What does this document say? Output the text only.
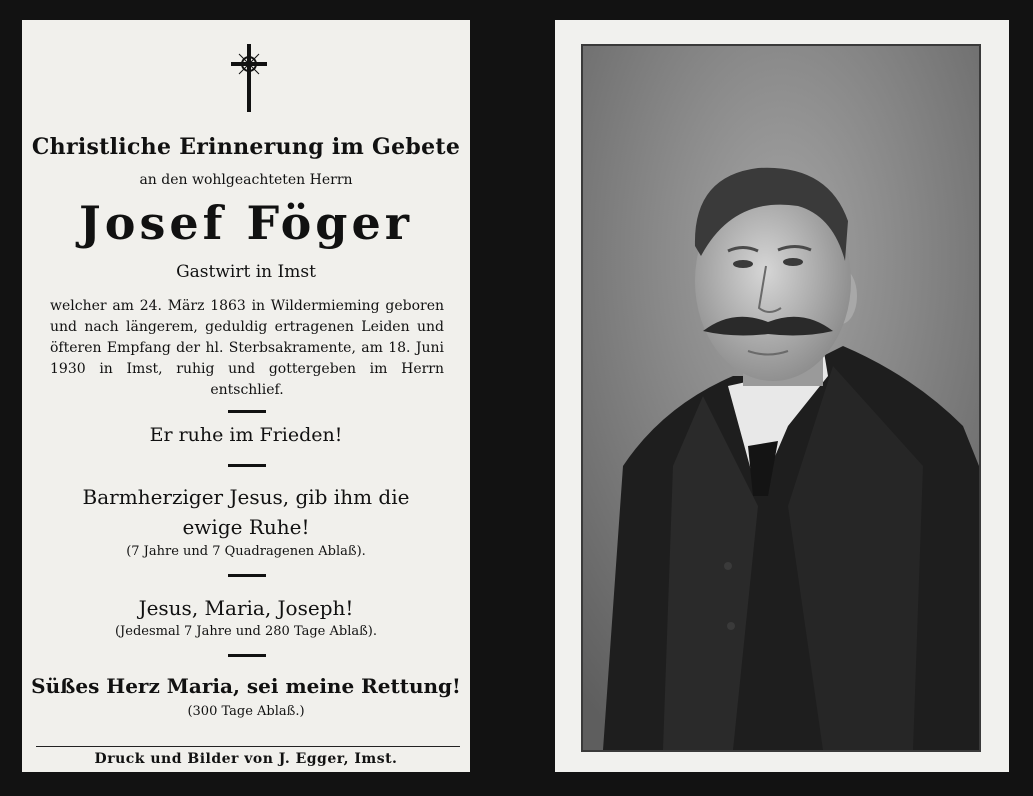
Christliche Erinnerung im Gebete
an den wohlgeachteten Herrn
Josef Föger
Gastwirt in Imst
welcher am 24. März 1863 in Wildermieming geboren und nach längerem, geduldig ertragenen Leiden und öfteren Empfang der hl. Sterbsakramente, am 18. Juni 1930 in Imst, ruhig und gottergeben im Herrn entschlief.
Er ruhe im Frieden!
Barmherziger Jesus, gib ihm die ewige Ruhe!
(7 Jahre und 7 Quadragenen Ablaß).
Jesus, Maria, Joseph!
(Jedesmal 7 Jahre und 280 Tage Ablaß).
Süßes Herz Maria, sei meine Rettung!
(300 Tage Ablaß.)
Druck und Bilder von J. Egger, Imst.
